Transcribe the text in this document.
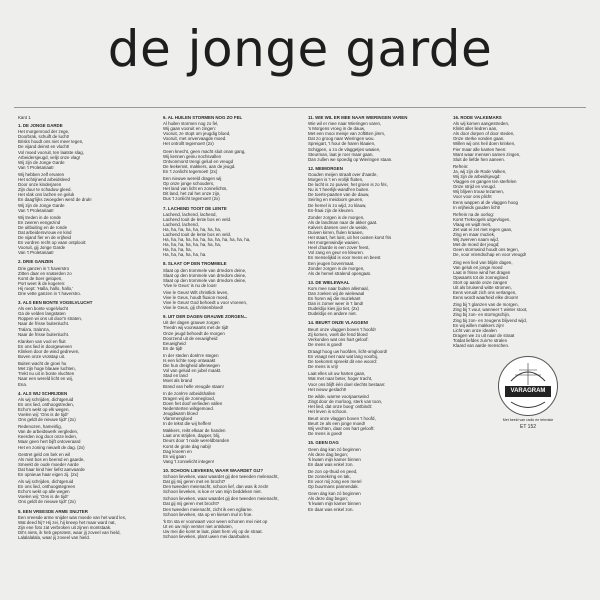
de jonge garde
Kant 1
1. DE JONGE GARDE
Het morgenrood der zege,
Doorbrak, schuift de lucht!
Brisks houdt ons niet meer tegen,
De vijand deinst en vlucht!
Vol moed vooruit, ten laatste slag,
Arbeidersjeugd, velijt onze vlag!
Wij zijn de Jonge Garde
Van 't Proletariaat!
Wij hebben zelf ervaren
Het schrijnend arbeidsleed
Door onze kinderjaren
Zijn duur te schaduw gleed.
Het vlak ons lachen en geluk
En daag'lijks zwoegden werd de druk!
Wij zijn de Jonge Garde
Van 't Proletariaat!
Wij treden in de ronde
En zweren eengezind
De uitbuiting en de ronde
Dat arbeidersvrouw en kind
De vijand fier en de vrijheid
En vordren recht op vaan ontplooit:
Vooruit, gij Jonge Garde
Van 't Proletariaat!
2. DRIE GANZEN
Drie ganzen in 't haverstro
Zitten daar en snaterden zo
Komt de boer gelopen,
Port weet ik de kogeren:
Hij roept: 'Halla, hallo, hallo,'
Drie vette ganzen in 't haverstro.
3. ALS EEN BONTE VOGELVLUCHT
Als een bonte vogelvlucht
Ga de velden langstaten
Roppen wi ons uit door'n straten,
Naar de frisse buitenlucht.
Trala'a, trala'a'a,
Naar de frisse buitenlucht.
Klanken van vool en fluit
En ons lied in doorgeweven
Klinken door de wind gedreven,
Boven onze vrotstap uit.
Buiten wacht de groei hu
Met zijn hoge blauwe luchten,
Trekt nu uit in bonte vluchten
Naar een wereld licht en wij,
Ena.
4. ALS WIJ SCHRIJDEN
Als wij schrijden, dichtgeruid
En ons lied, onthoogstreden,
Echo's wekt op elk wegen,
Voelen wij: 'Ons is de tijd!'
Ons geldt de nieuwe tijd!' (2x)
Redenozen, hameirlig,
Van de arbeidswerk vergleden,
Keerden nog door onze leden,
Maar geen hert bijft ontoveraard
Het en zoning nieuwlt de dag. (2x)
Gestret geld om bek en wil
Als mist bos en beemd en gaarde,
Smeekt de oude moeder Aarde
Dat haar kind hier liefst aanvaarde
En opnieuw haar eigen zij. (2x)
Als wij schrijden, dichtgeruid
En ons lied, onthoogstegreen
Echo's wekt op alle wegen
Voelen wij: 'Ons is de tijd!'
Ons geldt de nieuwe tijd!' (2x)
5. EEN VREESDE ARME SNIJTER
Een vreesde arme snijder was moede van het ward les,
Wat deed hij? Hij zei, hij kneep het maar ward nat,
Zijn ene foto zat verbroken uit zijnen montstaak.
Dit's niets, ik heb geprotest, waar jij zoveel van hield,
Lalalalalala, waar jij zoveel van hield.
6. AL HUILEN STORMEN NOG ZO FEL
Al huilen stormen nog zo fel,
Wij gaan vooruit en zingen:
Vooruit, ze stopt om jeugdig bloed,
Vooruit, met onvervaagde moed.
Het ontrollt tegemoet! (2x)
Geen knecht, geen macht sluit onan gang,
Wij kennen geinu nochsvallen
Ontvonmorst trengi gelud en vreugd
De leekemst, makkers, aan de jeugd.
En 't zonlicht tegemoet! (2x)
Een nieuwe wereld dragen wij
Op onze jonge schouders,
Het land van licht en zonnelichtn,
Dit land, het zal het onze zijn,
Dus 't zonlicht tegemoet! (2x)
7. LACHEND TOOIT DE LENTE
Lachend, lachend, lachend,
Lachend tooit de lente bos en veld.
Lachend, lachend,
Ha, ha, ha, ha, ha, ha, ha, ha,
Lachend tooit de lente bos en veld.
Ha, ha, ha, ha, ha, ha, ha, ha, ha, ha, ha, ha,
Ha, ha, ha, ha, ha, ha, ha, ha,
Ha, ha, ha, ha,
Ha, ha, ha, ha, ha, ha.
8. SLAAT OP DEN TROMMELE
Slaat op den trommele van drredom deine,
Slaat op den trommele van drredom deine,
Slaat op den trommele van drredom deine,
'Vive le Geus' is nu de loos!
Vive le Geus! Wilt christlick leven,
Vive le Geus, houdt fluxion moed,
Vive le Geus! God behoedt u voor vroeven,
Vive le Geus, gij christenbloed!
9. UIT DER DAGEN GRAUWE ZORGEN...
Uit der dagen grauwe zorgen
Treedn wij voorwaarts met de tijd!
Onze jeugd behoedt de morgen
Doorzend uit de eeuwigheid
Eeuwigheid
En de tijd!
In der steden donk're stegen
Is een lichte roep ontwaakt
Die hun dreigheid allerwegen
Vol van geluid en jubel maakt.
Stad en land
Moet als brand
Brand van helle vreugde staan!
In de zonk're arbeidshallen
Dragen wij de zonneglood,
Doen het doof verlieden vallen
Nedersterten wilsgemoed.
Jeugdwarm bloed
Vlammengloed
In de tekst die wij heffen!
Makkers, reikt elkaar de handen
Laat ons strijden, dapper, blij,
Deurs door 't node wereldbranden
Komt de grote dag nabij!
Dag kroeën en
En wij gaan
Vang 't zonnelicht integen!
10. SCHOON LIEVEKEN, WAAR WAARDET GIJ?
Schoon lieveken, waar waardet gij den tweeden melenacht,
Dat gij mij geren met en brocht?
Den tweeden meienacht, schoon lief, dan was ik zeck!
Schoon lieveken, is koe er van mijn beddeken niet.
Schoon lieveken, waar waardet gij den tweeden meienacht,
Dat gij mij geren met brocht?
Den tweeden meienacht, zicht ik een egliarne.
Schoon lieveken, sta op en kiesen mul in froe.
'k En sta er voorwaar! voor ween schonen mei niet op
Ut en uw mijn verster niet ontsluten,
Uw mei die komt te laat, plant hem vrij op de straat.
Schoon lieveken, plant uwen mei daarbuiten.
11. WIE WIL ER MEE NAAR WIERINGEN VAREN
Wie wil er mee naar Wieringen varen,
's Morgens vroeg in de dauw,
Met een mooi meisje van zoftitten jimm,
Dat zo groog naar Wieringen wou.
Spreigart, 't hour de haren klaaien,
Schigpen, u zo de vlaggetjes waaien,
Steurman, laat je roer maar gaan,
Dan zullen we spoedig op Wieringen staan.
12. MEIMORGEN
Gouden meijen straalt over d'aarde,
Morgen is 't en vrolijk fluiten,
De lucht is zo puivier, het groen is zo fris,
Nu is 't heerlijk-wandl'en buiten.
De toerts-paarten van de dauw,
Seiring en meidoorn geuren,
De hemel is zo wijd, zo klauw,
En-fraai zijn de kleuren.
Zonder zorgen is de morgen,
Als de landman naar de akker gaat.
Kalvers dansen over de weide,
Duiven kirren, flulen kraaien,
Het staart, het luist, uit het oosten komt fris
Het morgenwindje waaien.
Heel d'aarde is een zover feest,
Vol zang en geur en kleuren.
En menselijkid is voor mens en beest
Een jeugen bovenmaat.
Zonder zorgen is de morgen,
Als de hemel stralend opengaat.
13. DE WIELEWAAL
Kom mee naar buiten allemaal,
Dan zoeken wij de wielewaal
En horen wij die muziekant
Dan is zomer weer in 't land!
Dudeldijo kies jijo tiet, (2x)
Dudeldijo en andere niet.
14. BEURT ONZE VLAGGEN!
Beurt onze vlaggen boven 't hoofd!
Zij komen, voelt die fend bloed
Verkonden wat ons hart geloof:
De mens is goed!
Draagt hoog uw hoofden, licht-omgloord!
En vraagt niet naar wat lang voorbij,
De toekomst spreekt dit ene woord:
De mens is vrij!
Laat elles uit uw harten gaan,
Wat met naar beter, hoger tracht,
Voor ons blijft één doel slechts bestaan:
Het nieuw geslacht!
De wilde, warme voorjaarswind
Zingt door de morloog, sterk van toon,
Het lied, dat onze boeg' ontbindt:
Het leven is schoon.
Beurt onze vlaggen boven 't hoofd,
Beurt ze als een jonge moed!
Wij vechten, daar ons hart gelooft:
De mens is goed!
15. GEEN DAG
Geen dag kan zó beginnen
Als deze dag begon;
'k kwam mijn kamer binnen
En daar was enkel zon.
De zon op-thuid en peed,
De zonnekring en tak,
En voor mij zong een merel
Op buurmans pannendak.
Geen dag kan zó beginnen
Als deze dag begon;
'k kwam mijn kamer binnen
En daar was enkel zon.
16. RODE VALKEMARS
Als wij komen aangestreden,
Klinkt aller liedren aan,
Als door dorpen of door steden,
Onze sterke vonden gaan.
Willen wij ons heil doen krinken,
Fier maar alle kanten heen:
Want waar mensen samen zingen,
Sluit de liefde hen aaneen.
Refrein:
Ja, wij zijn de Rode Valken,
Wij zijn de arbeidsjeugd:
Vlaggen en gangen ten sterfelen
Onze strijd en vreugd.
Wij blijven trouw tezamen,
Voor voor ons plicht
Eens wappen al de vlaggen hoog
In vrijheids gouden licht!
Refrein na de oorlog:
Komt Trekvogels uitgevlogen,
Vlaag en wijdt meit,
Zet wat ei zet met regen gaan,
Zing en maar muziek,
Wij zwerven naam wijd,
Met de moed der jeugd;
Geen stormwind houdt ons tegen,
De, voor vriendschap en voor vreugd!
Zing een lied van blijde dagen,
Van geluk en jonge moed
Laat in frisse wind het dragen
Opwaarts tot de zonnegloed
Stort op aarde onze zangen
Uit als bruisend witte stromen,
Eens veruult zich ons verlangen,
Eens wordt waarheid elke droom!
Zing bij 't glanzen van de morgen,
Zing bij 't vuur, wanneer 't winter stoot,
Zing bij zon- en stormgschijn,
Zing bij zon- en zeugens blijvend wijd,
En wij willen makkers zijn!
Licht van onze idealen
Dragen we zo uit naar de straat
Totdat liefdes zuiv're stralen
Klaard van aarde menschen.
VARAGRAM
Met beeld van radio en televisie
ET 152
